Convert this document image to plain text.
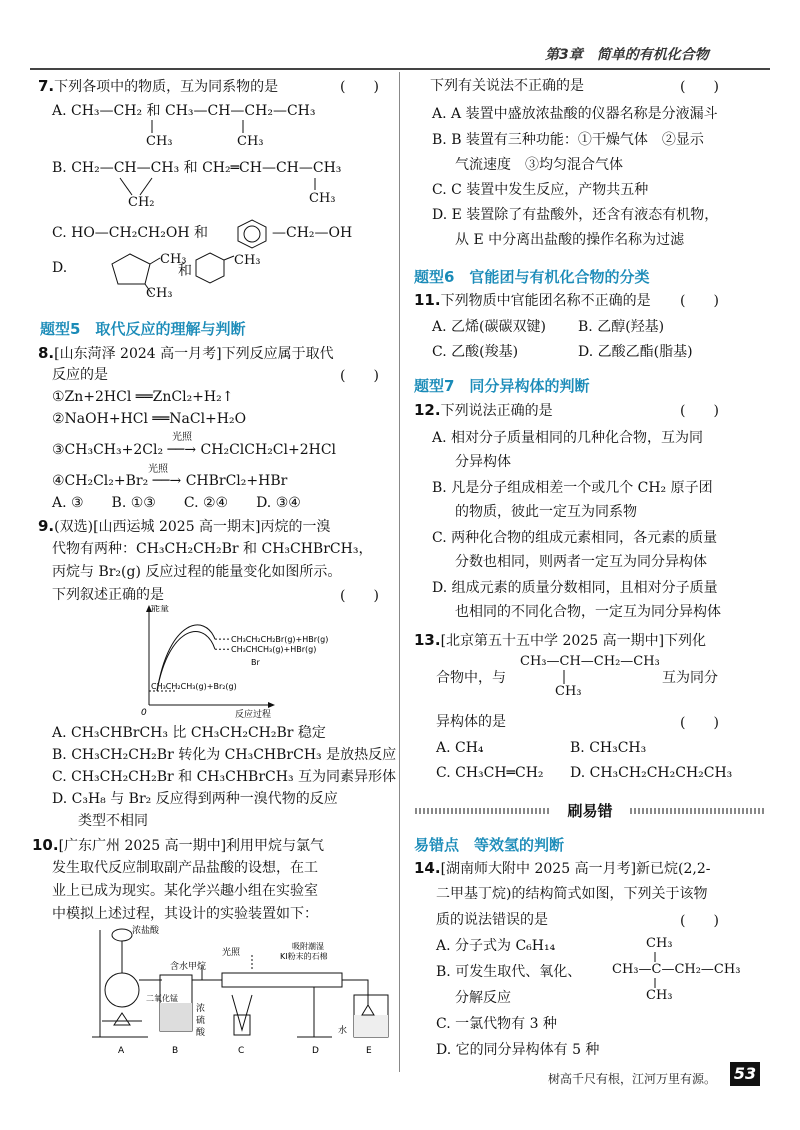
第3章　简单的有机化合物
7.下列各项中的物质，互为同系物的是	(　　)
A. CH₃—CH₂ 和 CH₃—CH—CH₂—CH₃
CH₃	CH₃
B. CH₂—CH—CH₃ 和 CH₂═CH—CH—CH₃
CH₂	CH₃
C. HO—CH₂CH₂OH 和	—CH₂—OH
D.
CH₃
CH₃
和
CH₃
题型5　取代反应的理解与判断
8.[山东菏泽 2024 高一月考]下列反应属于取代
反应的是	(　　)
①Zn+2HCl ══ZnCl₂+H₂↑
②NaOH+HCl ══NaCl+H₂O
光照
③CH₃CH₃+2Cl₂ ──→ CH₂ClCH₂Cl+2HCl
光照
④CH₂Cl₂+Br₂ ──→ CHBrCl₂+HBr
A. ③　　B. ①③　　C. ②④　　D. ③④
9.(双选)[山西运城 2025 高一期末]丙烷的一溴
代物有两种：CH₃CH₂CH₂Br 和 CH₃CHBrCH₃，
丙烷与 Br₂(g) 反应过程的能量变化如图所示。
下列叙述正确的是	(　　)
能量
0	反应过程
CH₃CH₂CH₃(g)+Br₂(g)
CH₃CH₂CH₂Br(g)+HBr(g)
CH₃CHCH₃(g)+HBr(g)
Br
A. CH₃CHBrCH₃ 比 CH₃CH₂CH₂Br 稳定
B. CH₃CH₂CH₂Br 转化为 CH₃CHBrCH₃ 是放热反应
C. CH₃CH₂CH₂Br 和 CH₃CHBrCH₃ 互为同素异形体
D. C₃H₈ 与 Br₂ 反应得到两种一溴代物的反应
类型不相同
10.[广东广州 2025 高一期中]利用甲烷与氯气
发生取代反应制取副产品盐酸的设想，在工
业上已成为现实。某化学兴趣小组在实验室
中模拟上述过程，其设计的实验装置如下：
浓盐酸
二氧化锰
含水甲烷
光照
吸附潮湿
KI粉末的石棉
浓
硫
酸	水
A	B	C	D	E
下列有关说法不正确的是	(　　)
A. A 装置中盛放浓盐酸的仪器名称是分液漏斗
B. B 装置有三种功能：①干燥气体　②显示
气流速度　③均匀混合气体
C. C 装置中发生反应，产物共五种
D. E 装置除了有盐酸外，还含有液态有机物，
从 E 中分离出盐酸的操作名称为过滤
题型6　官能团与有机化合物的分类
11.下列物质中官能团名称不正确的是 (　　)
A. 乙烯(碳碳双键) B. 乙醇(羟基)
C. 乙酸(羧基)	D. 乙酸乙酯(脂基)
题型7　同分异构体的判断
12.下列说法正确的是	(　　)
A. 相对分子质量相同的几种化合物，互为同
分异构体
B. 凡是分子组成相差一个或几个 CH₂ 原子团
的物质，彼此一定互为同系物
C. 两种化合物的组成元素相同，各元素的质量
分数也相同，则两者一定互为同分异构体
D. 组成元素的质量分数相同，且相对分子质量
也相同的不同化合物，一定互为同分异构体
13.[北京第五十五中学 2025 高一期中]下列化
合物中，与
CH₃—CH—CH₂—CH₃
CH₃
互为同分
异构体的是	(　　)
A. CH₄	B. CH₃CH₃
C. CH₃CH═CH₂ D. CH₃CH₂CH₂CH₂CH₃
刷易错
易错点　等效氢的判断
14.[湖南师大附中 2025 高一月考]新已烷(2,2-
二甲基丁烷)的结构简式如图，下列关于该物
质的说法错误的是	(　　)
A. 分子式为 C₆H₁₄
B. 可发生取代、氧化、
分解反应
C. 一氯代物有 3 种
D. 它的同分异构体有 5 种
CH₃
CH₃—C—CH₂—CH₃
CH₃
树高千尺有根，江河万里有源。 53
